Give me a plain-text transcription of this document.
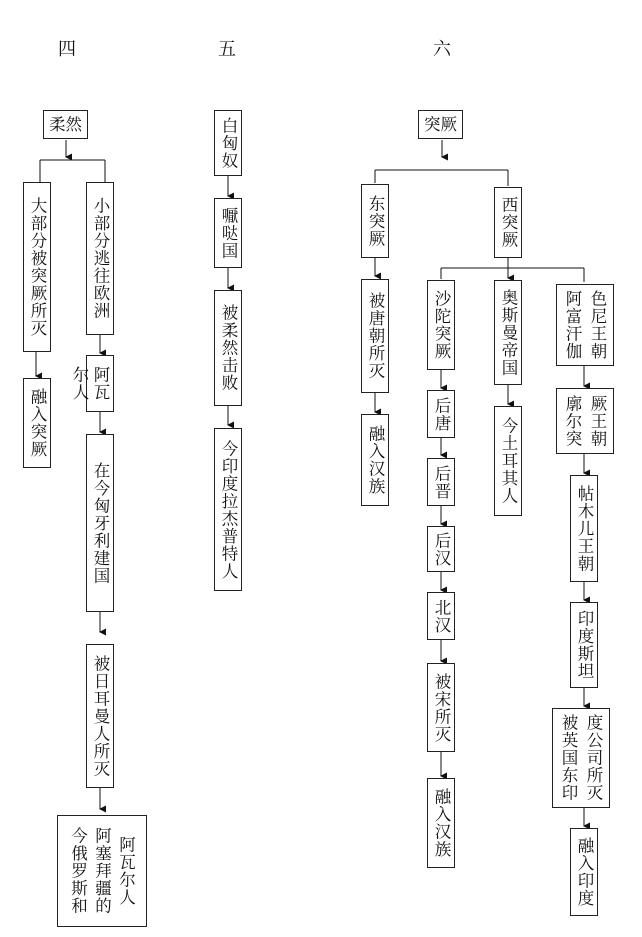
四	五	六
柔然
大部分被突厥所灭
融入突厥
小部分逃往欧洲
阿瓦尔人
在今匈牙利建国
被日耳曼人所灭
阿瓦尔人
阿塞拜疆的
今俄罗斯和
白匈奴
嚈哒国
被柔然击败
今印度拉杰普特人
突厥
东突厥
被唐朝所灭
融入汉族
西突厥
沙陀突厥
后唐
后晋
后汉
北汉
被宋所灭
融入汉族
奥斯曼帝国
今土耳其人
色尼王朝
阿富汗伽
厥王朝
廓尔突
帖木儿王朝
印度斯坦
度公司所灭
被英国东印
融入印度
